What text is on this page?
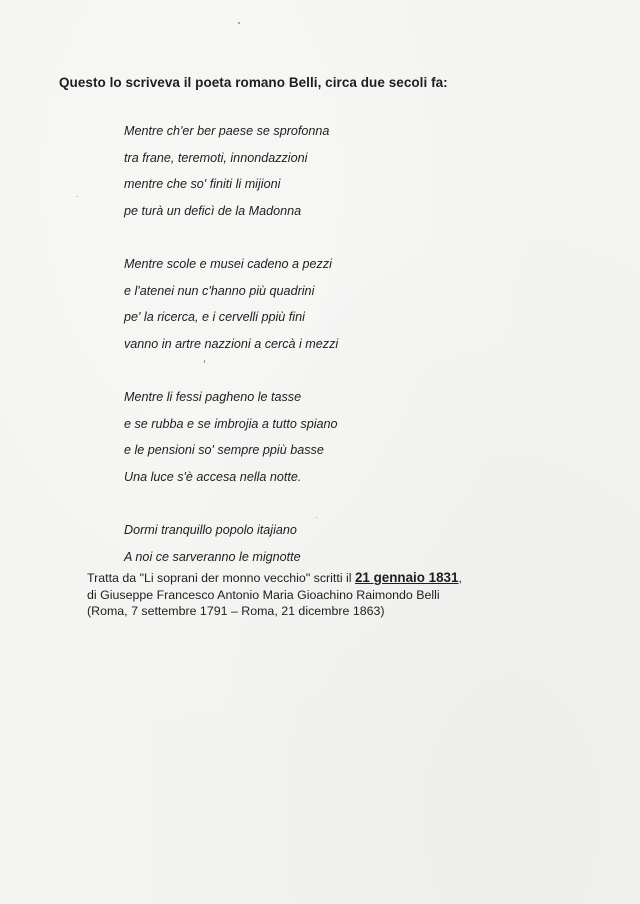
Questo lo scriveva il poeta romano Belli, circa due secoli fa:
Mentre ch'er ber paese se sprofonna
tra frane, teremoti, innondazzioni
mentre che so' finiti li mijioni
pe turà un deficì de la Madonna
Mentre scole e musei cadeno a pezzi
e l'atenei nun c'hanno più quadrini
pe' la ricerca, e i cervelli ppiù fini
vanno in artre nazzioni a cercà i mezzi
Mentre li fessi pagheno le tasse
e se rubba e se imbrojia a tutto spiano
e le pensioni so' sempre ppiù basse
Una luce s'è accesa nella notte.
Dormi tranquillo popolo itajiano
A noi ce sarveranno le mignotte
Tratta da "Li soprani der monno vecchio" scritti il 21 gennaio 1831,
di Giuseppe Francesco Antonio Maria Gioachino Raimondo Belli
(Roma, 7 settembre 1791 – Roma, 21 dicembre 1863)
